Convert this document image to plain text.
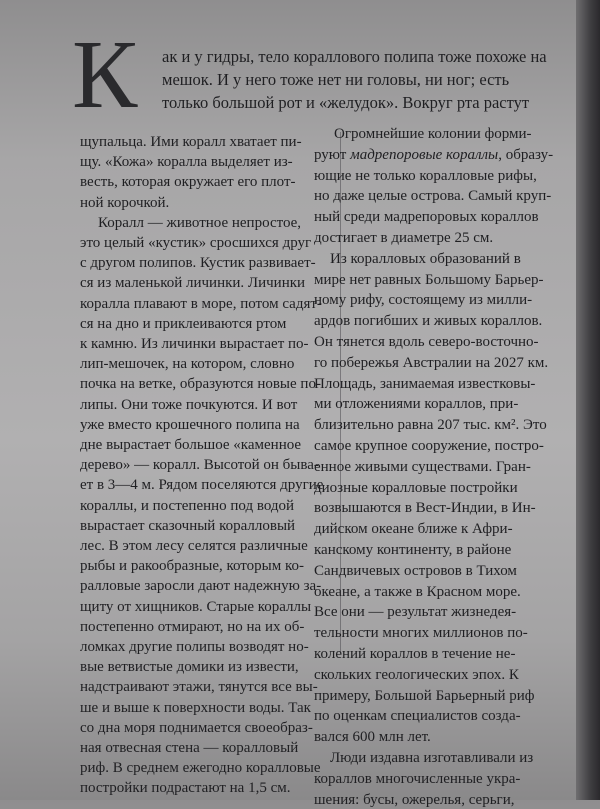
К ак и у гидры, тело кораллового полипа тоже похоже на
мешок. И у него тоже нет ни головы, ни ног; есть
только большой рот и «желудок». Вокруг рта растут
щупальца. Ими коралл хватает пи-
щу. «Кожа» коралла выделяет из-
весть, которая окружает его плот-
ной корочкой.
Коралл — животное непростое,
это целый «кустик» сросшихся друг
с другом полипов. Кустик развивает-
ся из маленькой личинки. Личинки
коралла плавают в море, потом садят-
ся на дно и приклеиваются ртом
к камню. Из личинки вырастает по-
лип-мешочек, на котором, словно
почка на ветке, образуются новые по-
липы. Они тоже почкуются. И вот
уже вместо крошечного полипа на
дне вырастает большое «каменное
дерево» — коралл. Высотой он быва-
ет в 3—4 м. Рядом поселяются другие
кораллы, и постепенно под водой
вырастает сказочный коралловый
лес. В этом лесу селятся различные
рыбы и ракообразные, которым ко-
ралловые заросли дают надежную за-
щиту от хищников. Старые кораллы
постепенно отмирают, но на их об-
ломках другие полипы возводят но-
вые ветвистые домики из извести,
надстраивают этажи, тянутся все вы-
ше и выше к поверхности воды. Так
со дна моря поднимается своеобраз-
ная отвесная стена — коралловый
риф. В среднем ежегодно коралловые
постройки подрастают на 1,5 см.
Огромнейшие колонии форми-
руют мадрепоровые кораллы, образу-
ющие не только коралловые рифы,
но даже целые острова. Самый круп-
ный среди мадрепоровых кораллов
достигает в диаметре 25 см.
Из коралловых образований в
мире нет равных Большому Барьер-
ному рифу, состоящему из милли-
ардов погибших и живых кораллов.
Он тянется вдоль северо-восточно-
го побережья Австралии на 2027 км.
Площадь, занимаемая известковы-
ми отложениями кораллов, при-
близительно равна 207 тыс. км². Это
самое крупное сооружение, постро-
енное живыми существами. Гран-
диозные коралловые постройки
возвышаются в Вест-Индии, в Ин-
дийском океане ближе к Афри-
канскому континенту, в районе
Сандвичевых островов в Тихом
океане, а также в Красном море.
Все они — результат жизнедея-
тельности многих миллионов по-
колений кораллов в течение не-
скольких геологических эпох. К
примеру, Большой Барьерный риф
по оценкам специалистов созда-
вался 600 млн лет.
Люди издавна изготавливали из
кораллов многочисленные укра-
шения: бусы, ожерелья, серьги,
